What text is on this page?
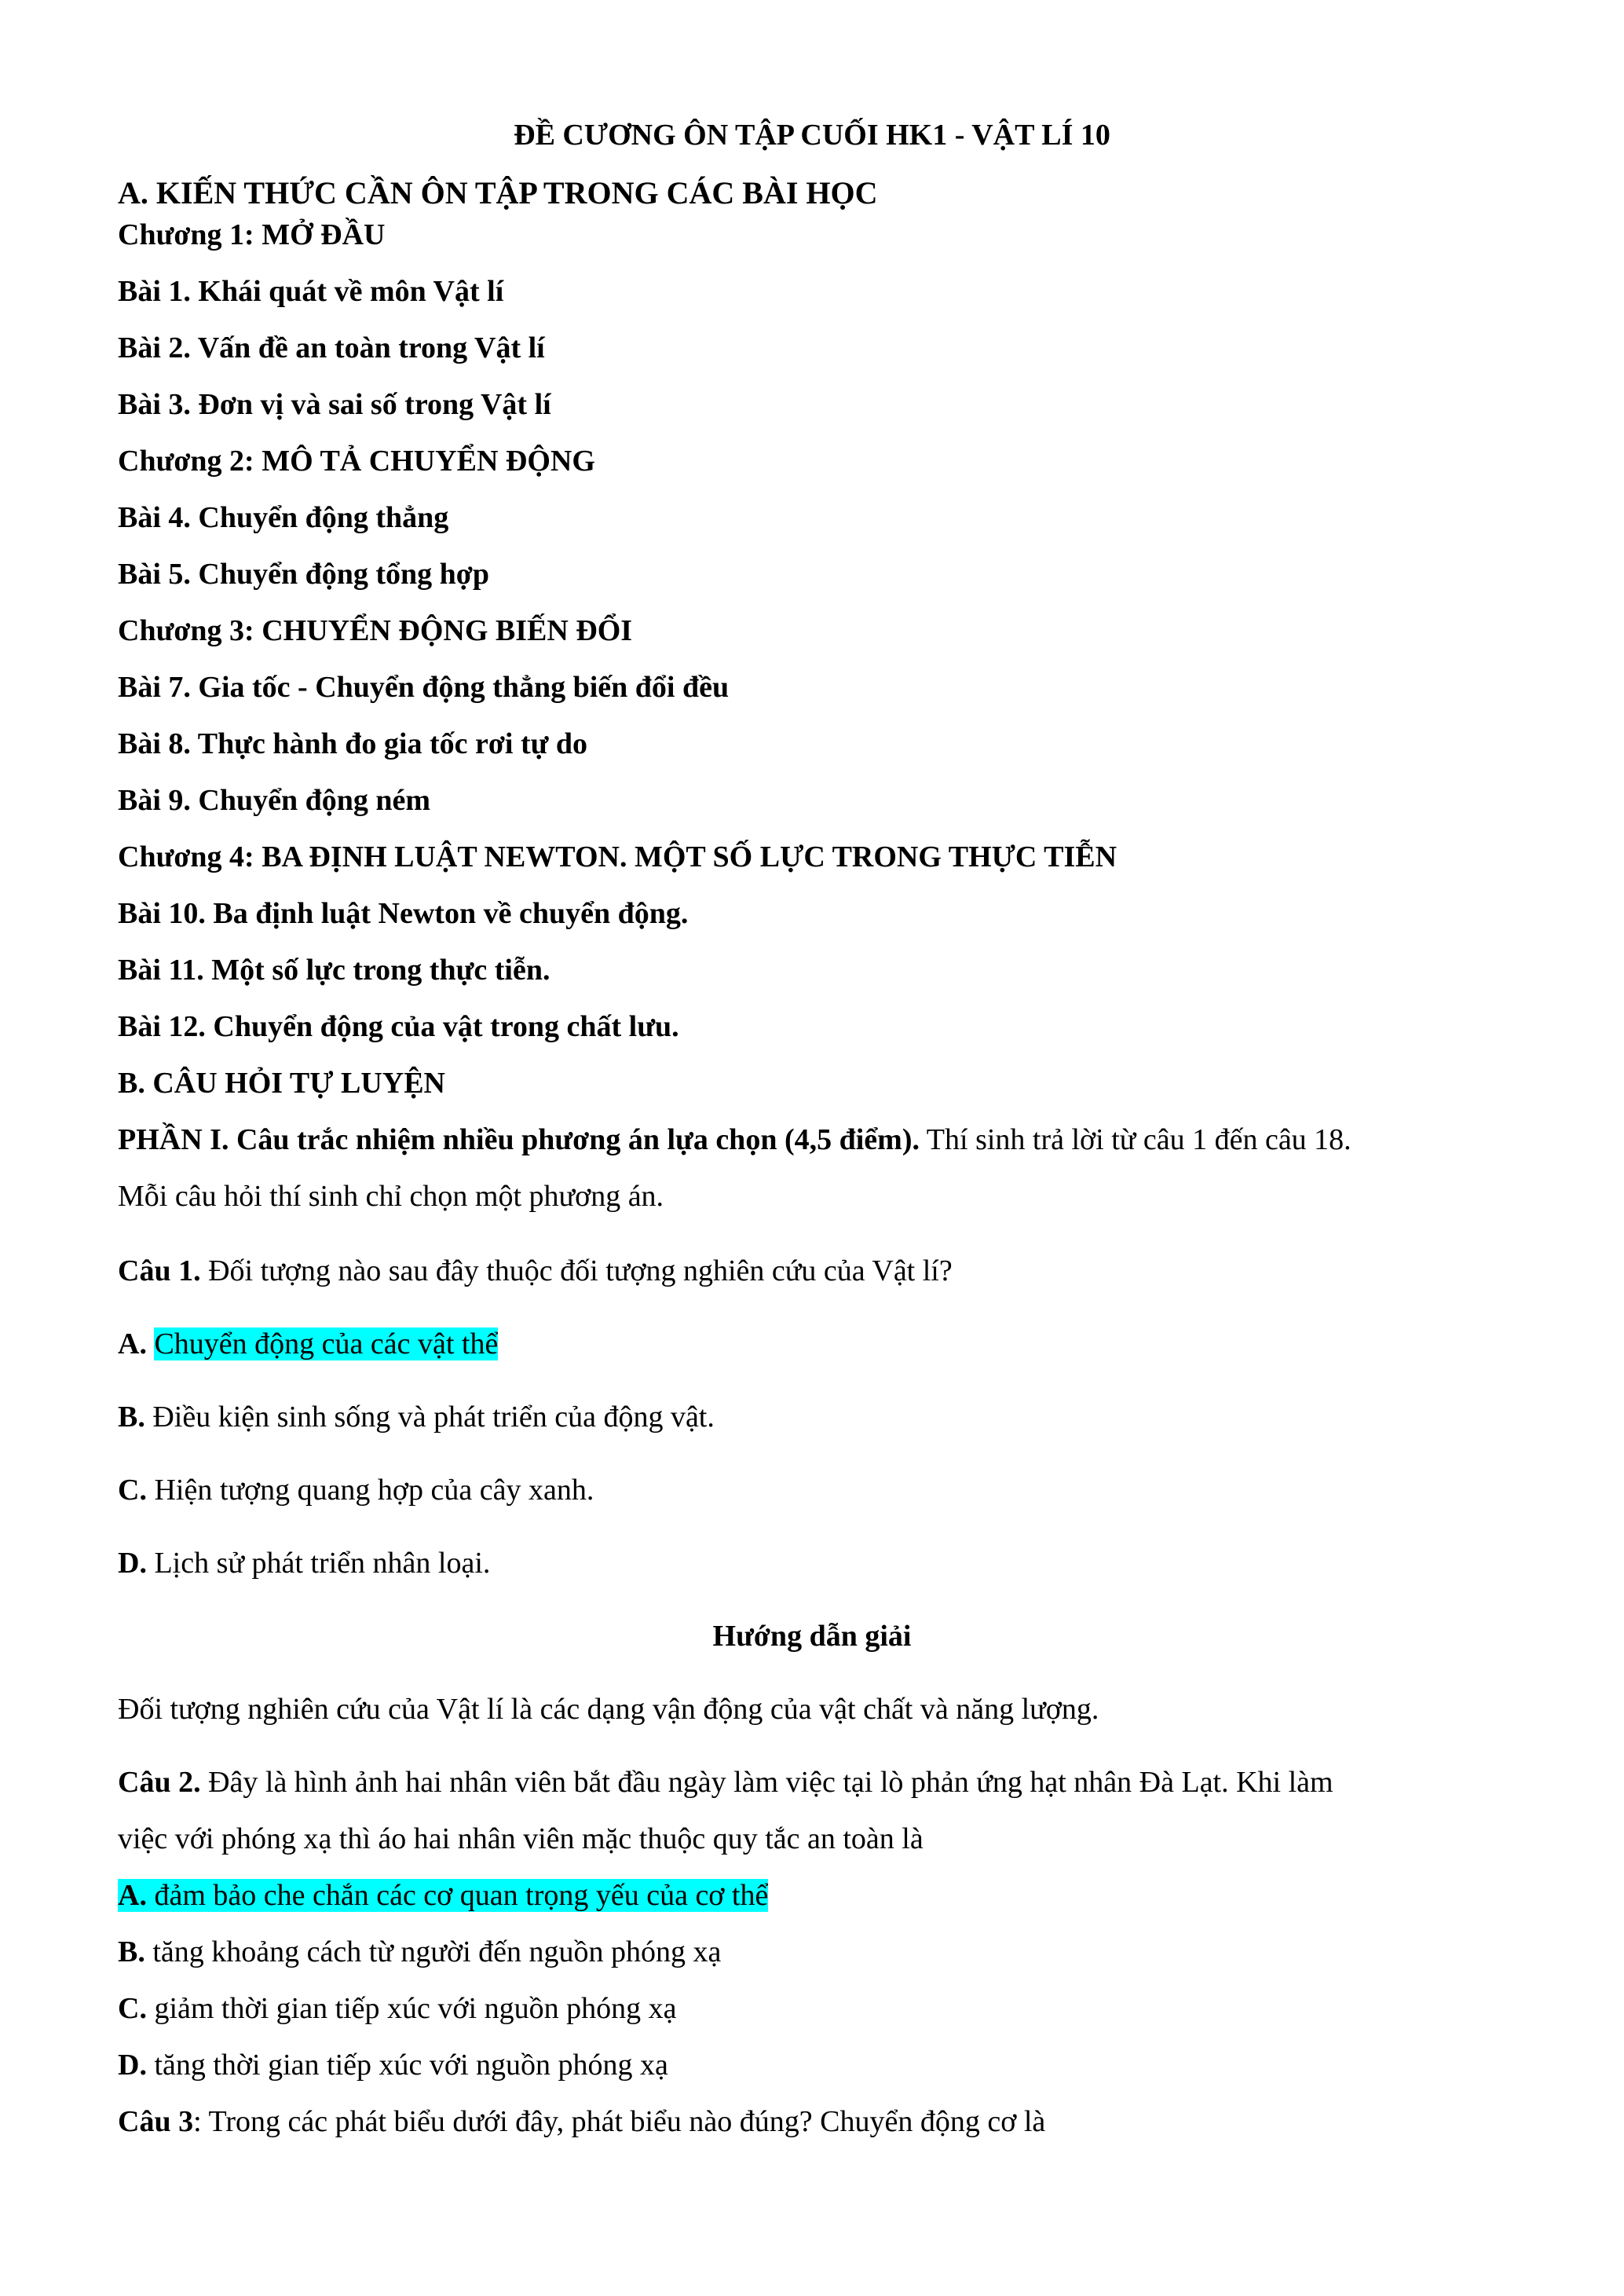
ĐỀ CƯƠNG ÔN TẬP CUỐI HK1 - VẬT LÍ 10
A. KIẾN THỨC CẦN ÔN TẬP TRONG CÁC BÀI HỌC
Chương 1: MỞ ĐẦU
Bài 1. Khái quát về môn Vật lí
Bài 2. Vấn đề an toàn trong Vật lí
Bài 3. Đơn vị và sai số trong Vật lí
Chương 2: MÔ TẢ CHUYỂN ĐỘNG
Bài 4. Chuyển động thẳng
Bài 5. Chuyển động tổng hợp
Chương 3: CHUYỂN ĐỘNG BIẾN ĐỔI
Bài 7. Gia tốc - Chuyển động thẳng biến đổi đều
Bài 8. Thực hành đo gia tốc rơi tự do
Bài 9. Chuyển động ném
Chương 4: BA ĐỊNH LUẬT NEWTON. MỘT SỐ LỰC TRONG THỰC TIỄN
Bài 10. Ba định luật Newton về chuyển động.
Bài 11. Một số lực trong thực tiễn.
Bài 12. Chuyển động của vật trong chất lưu.
B. CÂU HỎI TỰ LUYỆN
PHẦN I. Câu trắc nhiệm nhiều phương án lựa chọn (4,5 điểm). Thí sinh trả lời từ câu 1 đến câu 18.
Mỗi câu hỏi thí sinh chỉ chọn một phương án.
Câu 1. Đối tượng nào sau đây thuộc đối tượng nghiên cứu của Vật lí?
A. Chuyển động của các vật thể
B. Điều kiện sinh sống và phát triển của động vật.
C. Hiện tượng quang hợp của cây xanh.
D. Lịch sử phát triển nhân loại.
Hướng dẫn giải
Đối tượng nghiên cứu của Vật lí là các dạng vận động của vật chất và năng lượng.
Câu 2. Đây là hình ảnh hai nhân viên bắt đầu ngày làm việc tại lò phản ứng hạt nhân Đà Lạt. Khi làm
việc với phóng xạ thì áo hai nhân viên mặc thuộc quy tắc an toàn là
A. đảm bảo che chắn các cơ quan trọng yếu của cơ thể
B. tăng khoảng cách từ người đến nguồn phóng xạ
C. giảm thời gian tiếp xúc với nguồn phóng xạ
D. tăng thời gian tiếp xúc với nguồn phóng xạ
Câu 3: Trong các phát biểu dưới đây, phát biểu nào đúng? Chuyển động cơ là
